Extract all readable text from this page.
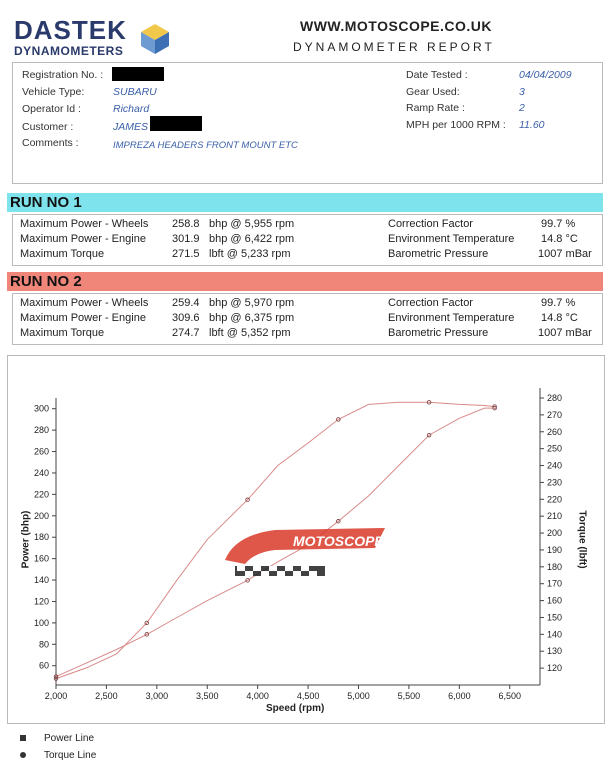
DASTEK
DYNAMOMETERS
WWW.MOTOSCOPE.CO.UK
DYNAMOMETER REPORT
Registration No. :
Vehicle Type:	SUBARU
Operator Id :	Richard
Customer :	JAMES
Comments :	IMPREZA HEADERS FRONT MOUNT ETC
Date Tested :	04/04/2009
Gear Used:	3
Ramp Rate :	2
MPH per 1000 RPM : 11.60
RUN NO 1
Maximum Power - Wheels 258.8 bhp @ 5,955 rpm
Maximum Power - Engine 301.9 bhp @ 6,422 rpm
Maximum Torque	271.5 lbft @ 5,233 rpm
Correction Factor	99.7 %
Environment Temperature 14.8 °C
Barometric Pressure	1007 mBar
RUN NO 2
Maximum Power - Wheels 259.4 bhp @ 5,970 rpm
Maximum Power - Engine 309.6 bhp @ 6,375 rpm
Maximum Torque	274.7 lbft @ 5,352 rpm
Correction Factor	99.7 %
Environment Temperature 14.8 °C
Barometric Pressure	1007 mBar
2,000	2,500	3,000	3,500	4,000	4,500	5,000	5,500	6,000	6,500
60
80
100
120
140
160
180
200
220
240
260
280
300
120
130
140
150
160
170
180
190
200
210
220
230
240
250
260
270
280
MOTOSCOPE
Power (bhp)	Torque (lbft)
Speed (rpm)
Power Line
Torque Line
